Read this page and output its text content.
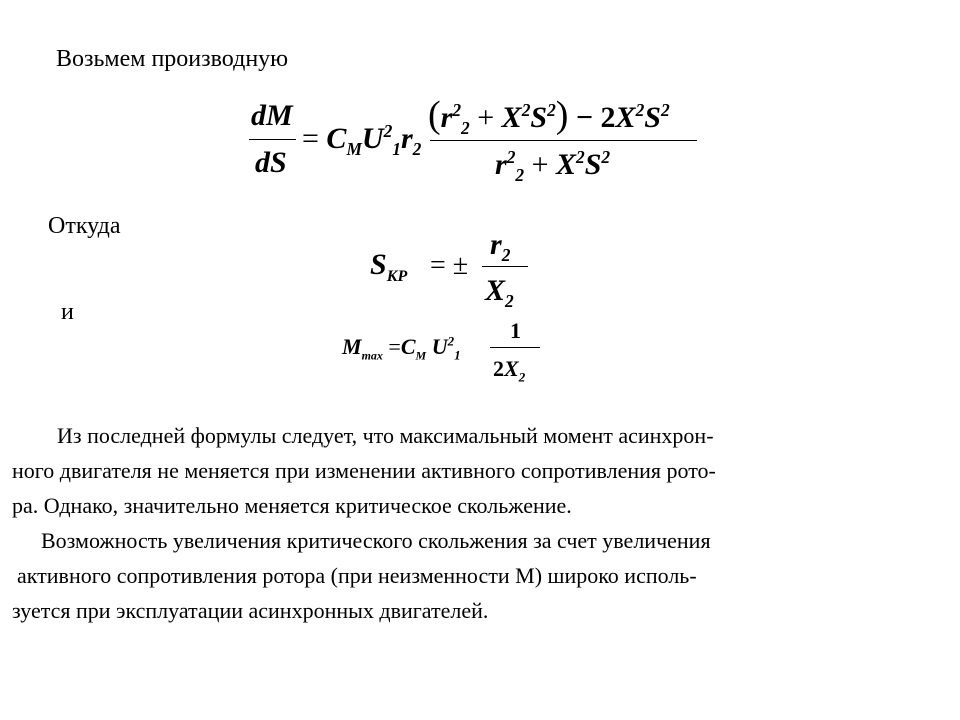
Возьмем производную
dM
dS
= $C_MU^2_1r_2$
$(r^2_2 + X^2S^2) - 2X^2S^2$
$r^2_2 + X^2S^2$
Откуда
$S_{КР}$ = ±
$r_2$
$X_2$
и
$M_{max} =C_M$ $U^2_1$
1
$2X_2$
Из последней формулы следует, что максимальный момент асинхрон-
ного двигателя не меняется при изменении активного сопротивления рото-
ра. Однако, значительно меняется критическое скольжение.
Возможность увеличения критического скольжения за счет увеличения
активного сопротивления ротора (при неизменности М) широко исполь-
зуется при эксплуатации асинхронных двигателей.
